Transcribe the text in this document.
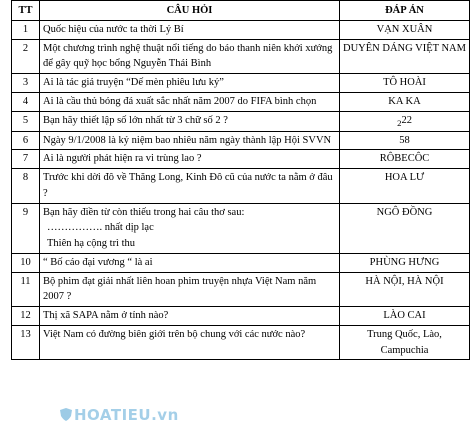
TT	CÂU HỎI	ĐÁP ÁN
1	Quốc hiệu của nước ta thời Lý Bí	VẠN XUÂN
2	Một chương trình nghệ thuật nổi tiếng do báo thanh niên khởi xướng để gây quỹ học bổng Nguyễn Thái Bình	DUYÊN DÁNG VIỆT NAM
3	Ai là tác giả truyện “Dế mèn phiêu lưu ký”	TÔ HOÀI
4	Ai là cầu thủ bóng đá xuất sắc nhất năm 2007 do FIFA bình chọn	KA KA
5	Bạn hãy thiết lập số lớn nhất từ 3 chữ số 2 ?	$_2$22
6	Ngày 9/1/2008 là kỷ niệm bao nhiêu năm ngày thành lập Hội SVVN	58
7	Ai là người phát hiện ra vi trùng lao ?	RÔBECÔC
8	Trước khi dời đô về Thăng Long, Kinh Đô cũ của nước ta nằm ở đâu ?	HOA LƯ
9	Bạn hãy điền từ còn thiếu trong hai câu thơ sau:
……………. nhất dịp lạc
Thiên hạ cộng trì thu	NGÔ ĐỒNG
10	“ Bố cáo đại vương “ là ai	PHÙNG HƯNG
11	Bộ phim đạt giải nhất liên hoan phim truyện nhựa Việt Nam năm 2007 ?	HÀ NỘI, HÀ NỘI
12	Thị xã SAPA nằm ở tỉnh nào?	LÀO CAI
13	Việt Nam có đường biên giới trên bộ chung với các nước nào?	Trung Quốc, Lào, Campuchia
HOATIEU.vn
